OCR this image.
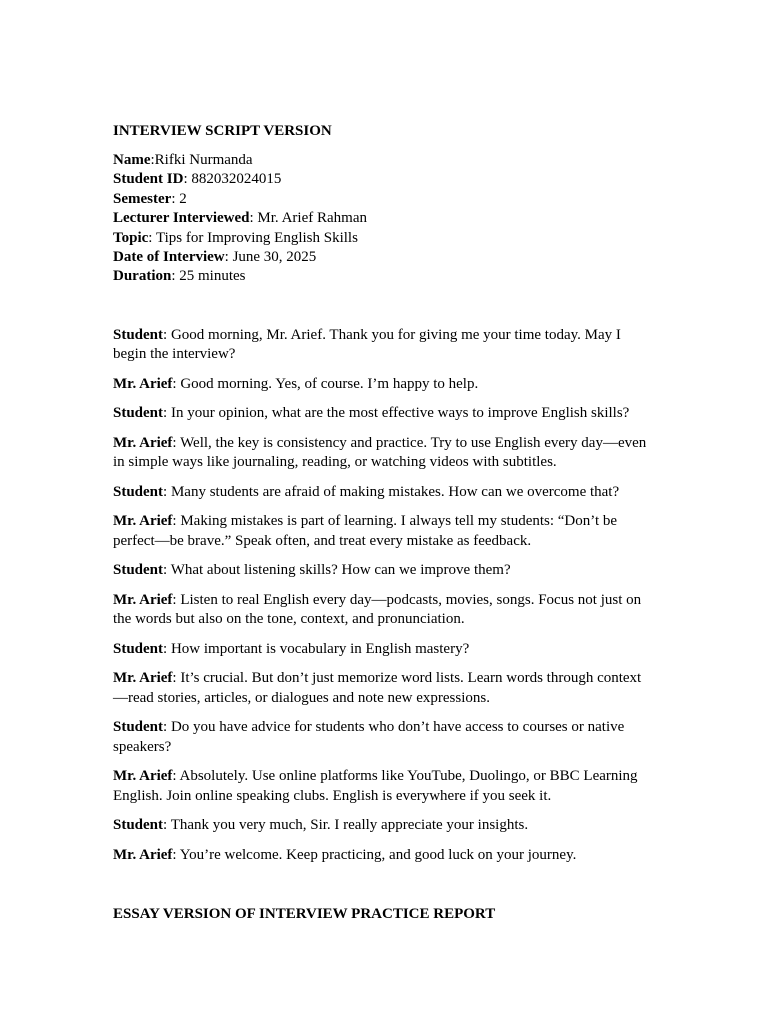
INTERVIEW SCRIPT VERSION
Name:Rifki Nurmanda
Student ID: 882032024015
Semester: 2
Lecturer Interviewed: Mr. Arief Rahman
Topic: Tips for Improving English Skills
Date of Interview: June 30, 2025
Duration: 25 minutes

Student: Good morning, Mr. Arief. Thank you for giving me your time today. May I begin the interview?

Mr. Arief: Good morning. Yes, of course. I’m happy to help.

Student: In your opinion, what are the most effective ways to improve English skills?

Mr. Arief: Well, the key is consistency and practice. Try to use English every day—even in simple ways like journaling, reading, or watching videos with subtitles.

Student: Many students are afraid of making mistakes. How can we overcome that?

Mr. Arief: Making mistakes is part of learning. I always tell my students: “Don’t be perfect—be brave.” Speak often, and treat every mistake as feedback.

Student: What about listening skills? How can we improve them?

Mr. Arief: Listen to real English every day—podcasts, movies, songs. Focus not just on the words but also on the tone, context, and pronunciation.

Student: How important is vocabulary in English mastery?

Mr. Arief: It’s crucial. But don’t just memorize word lists. Learn words through context—read stories, articles, or dialogues and note new expressions.

Student: Do you have advice for students who don’t have access to courses or native speakers?

Mr. Arief: Absolutely. Use online platforms like YouTube, Duolingo, or BBC Learning English. Join online speaking clubs. English is everywhere if you seek it.

Student: Thank you very much, Sir. I really appreciate your insights.

Mr. Arief: You’re welcome. Keep practicing, and good luck on your journey.

ESSAY VERSION OF INTERVIEW PRACTICE REPORT
